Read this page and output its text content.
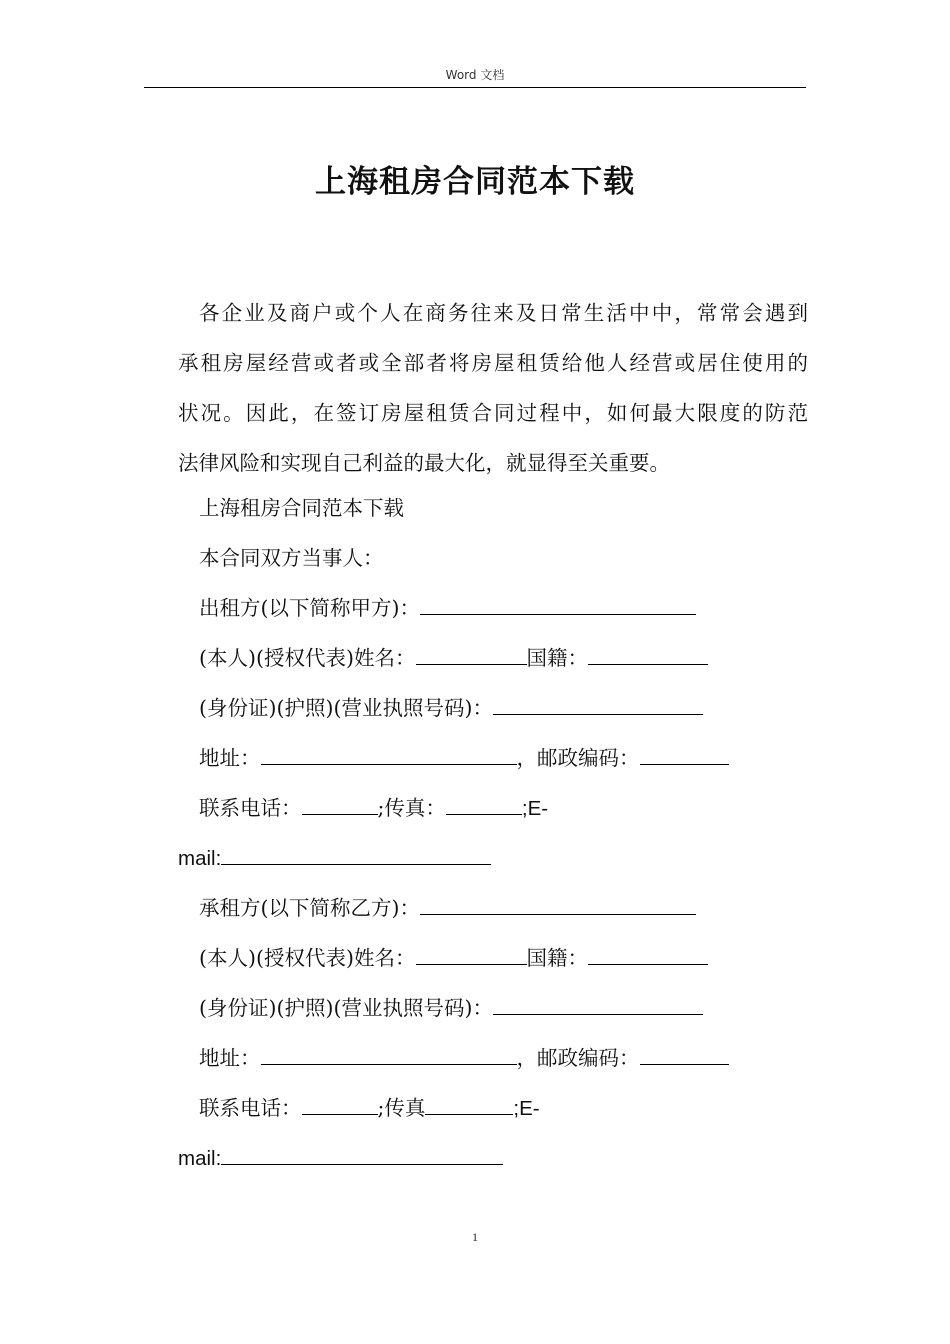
Word 文档
上海租房合同范本下载
各企业及商户或个人在商务往来及日常生活中中，常常会遇到
承租房屋经营或者或全部者将房屋租赁给他人经营或居住使用的
状况。因此，在签订房屋租赁合同过程中，如何最大限度的防范
法律风险和实现自己利益的最大化，就显得至关重要。
上海租房合同范本下载
本合同双方当事人：
出租方(以下简称甲方)：
(本人)(授权代表)姓名：	国籍：
(身份证)(护照)(营业执照号码)：
地址：	，邮政编码：
联系电话：	;传真：	;E-
mail:
承租方(以下简称乙方)：
(本人)(授权代表)姓名：	国籍：
(身份证)(护照)(营业执照号码)：
地址：	，邮政编码：
联系电话：	;传真	;E-
mail:
1
